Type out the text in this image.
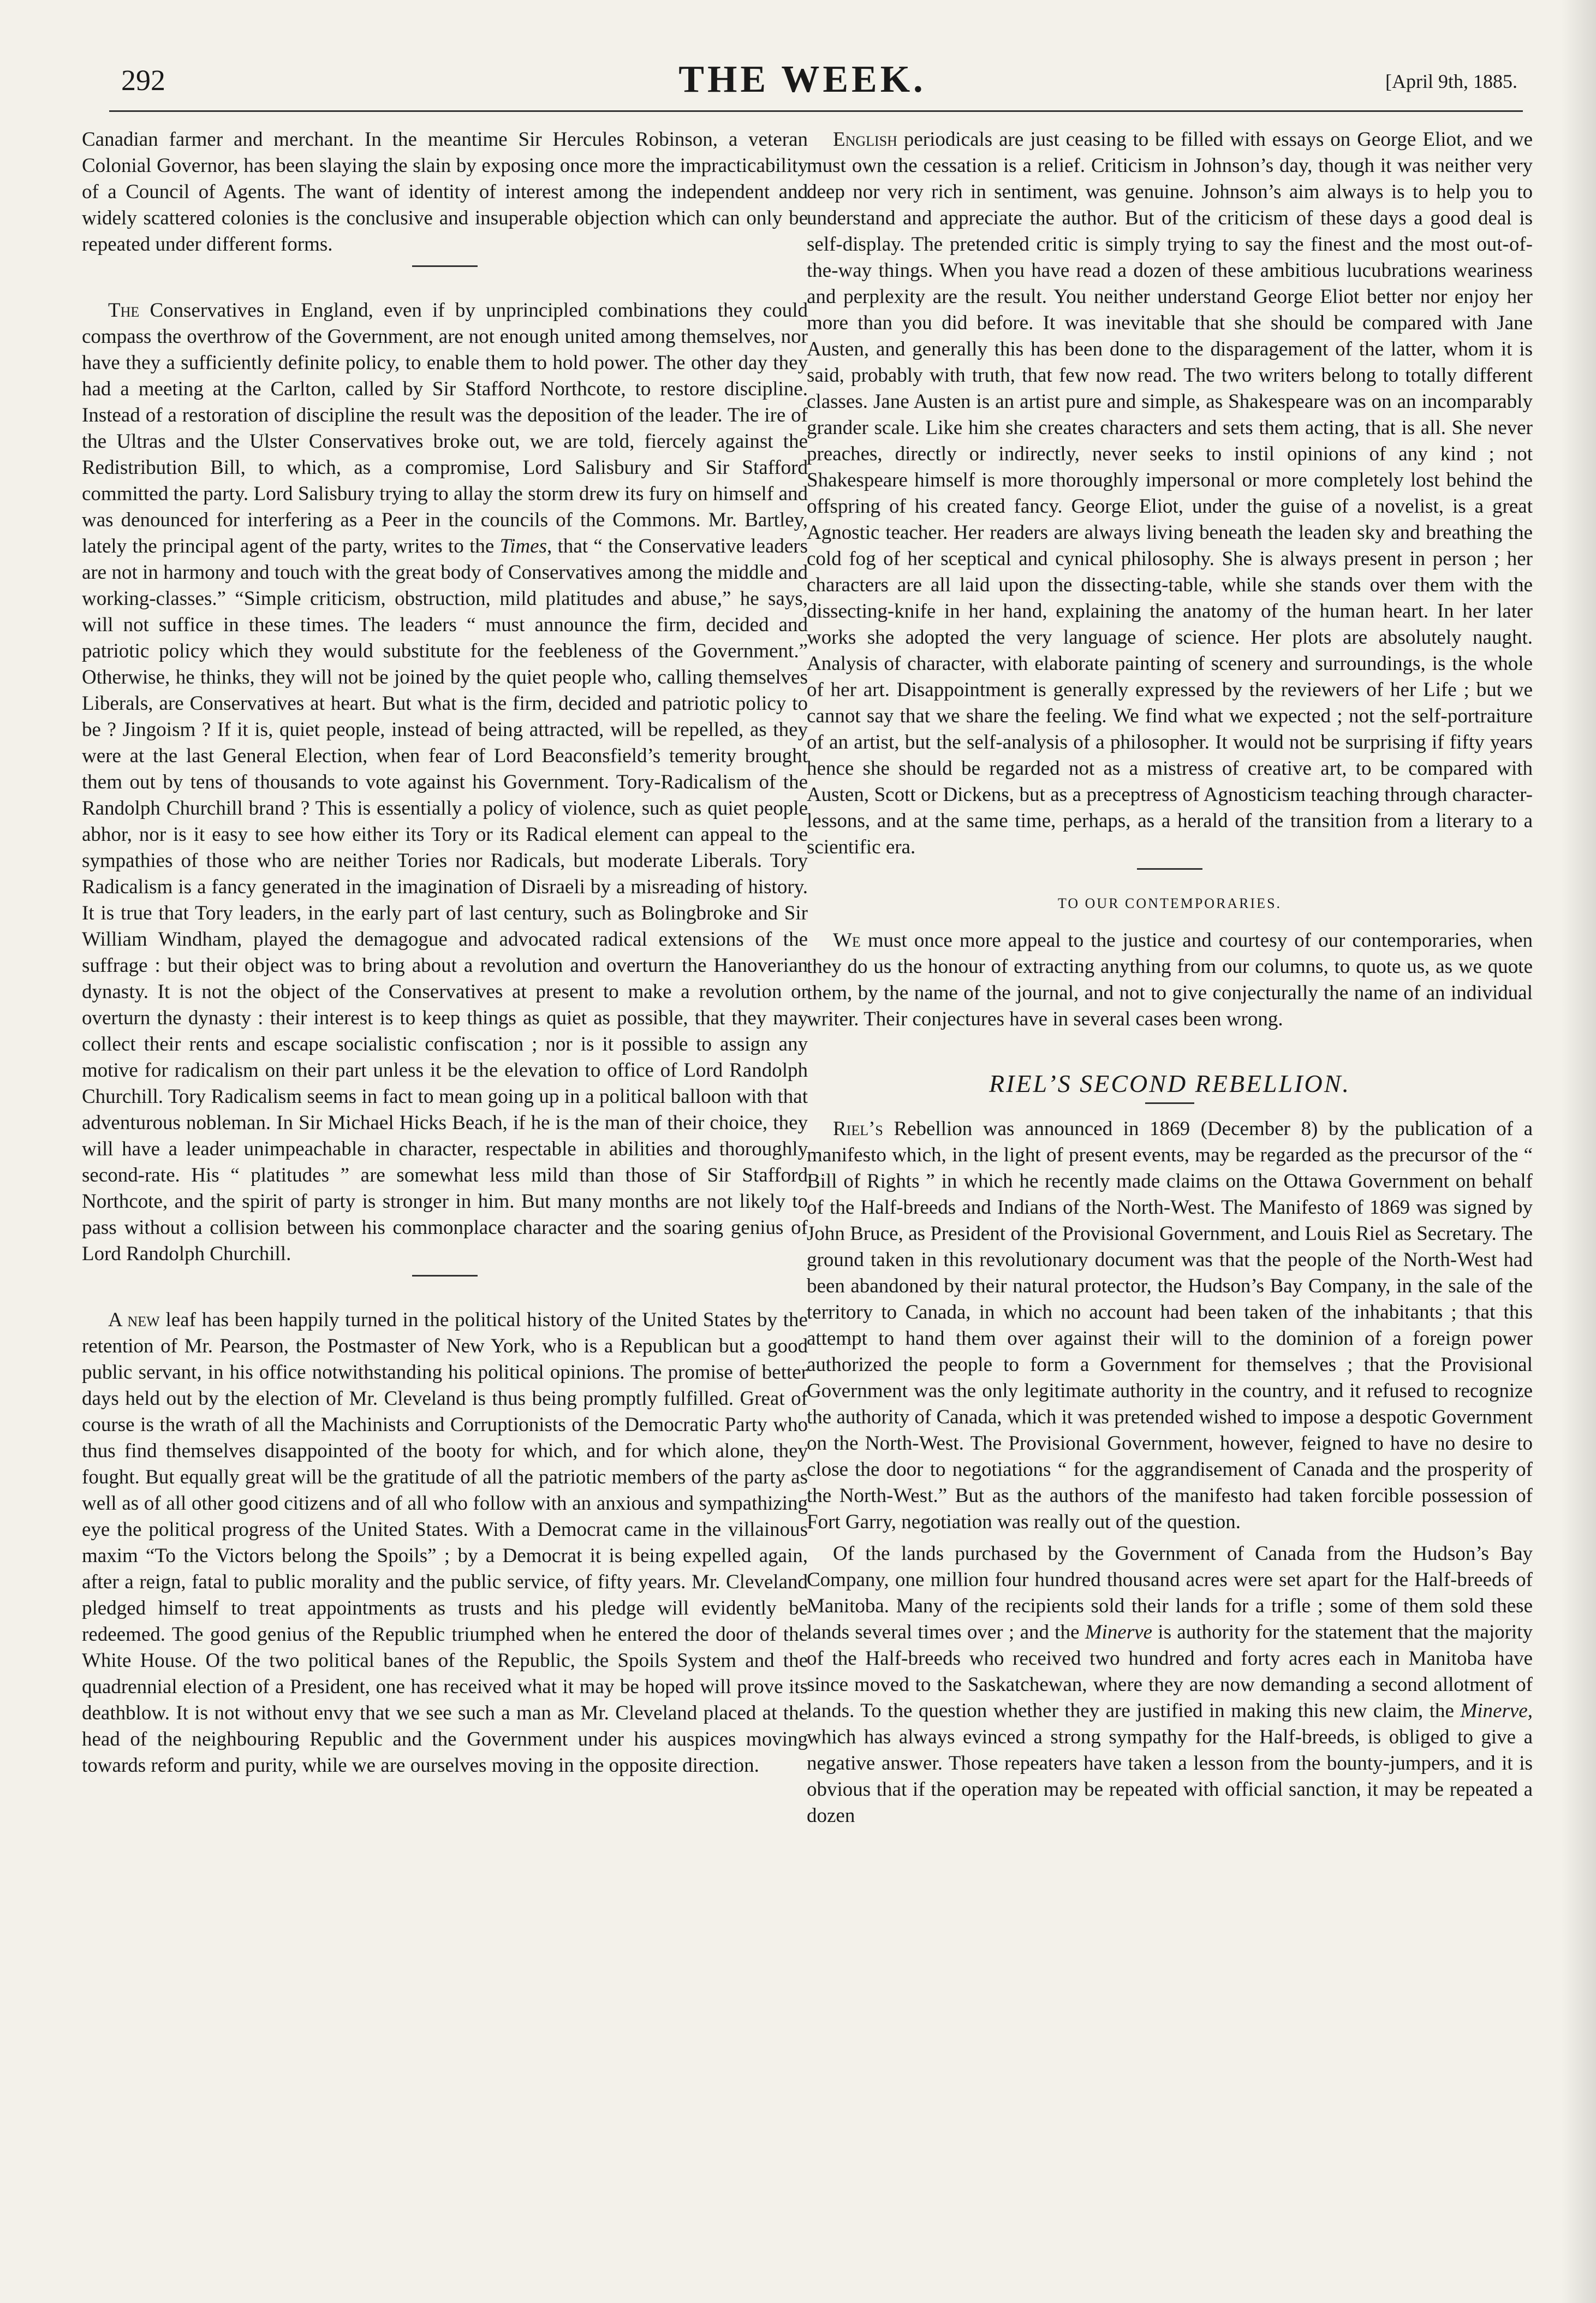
292	THE WEEK.	[April 9th, 1885.

Canadian farmer and merchant. In the meantime Sir Hercules Robinson, a veteran Colonial Governor, has been slaying the slain by exposing once more the impracticability of a Council of Agents. The want of identity of interest among the independent and widely scattered colonies is the conclusive and insuperable objection which can only be repeated under different forms.

The Conservatives in England, even if by unprincipled combinations they could compass the overthrow of the Government, are not enough united among themselves, nor have they a sufficiently definite policy, to enable them to hold power. The other day they had a meeting at the Carlton, called by Sir Stafford Northcote, to restore discipline. Instead of a restoration of discipline the result was the deposition of the leader. The ire of the Ultras and the Ulster Conservatives broke out, we are told, fiercely against the Redistribution Bill, to which, as a compromise, Lord Salisbury and Sir Stafford committed the party. Lord Salisbury trying to allay the storm drew its fury on himself and was denounced for interfering as a Peer in the councils of the Commons. Mr. Bartley, lately the principal agent of the party, writes to the Times, that “ the Conservative leaders are not in harmony and touch with the great body of Conservatives among the middle and working-classes.” “Simple criticism, obstruction, mild platitudes and abuse,” he says, will not suffice in these times. The leaders “ must announce the firm, decided and patriotic policy which they would substitute for the feebleness of the Government.” Otherwise, he thinks, they will not be joined by the quiet people who, calling themselves Liberals, are Conservatives at heart. But what is the firm, decided and patriotic policy to be ? Jingoism ? If it is, quiet people, instead of being attracted, will be repelled, as they were at the last General Election, when fear of Lord Beaconsfield’s temerity brought them out by tens of thousands to vote against his Government. Tory-Radicalism of the Randolph Churchill brand ? This is essentially a policy of violence, such as quiet people abhor, nor is it easy to see how either its Tory or its Radical element can appeal to the sympathies of those who are neither Tories nor Radicals, but moderate Liberals. Tory Radicalism is a fancy generated in the imagination of Disraeli by a misreading of history. It is true that Tory leaders, in the early part of last century, such as Bolingbroke and Sir William Windham, played the demagogue and advocated radical extensions of the suffrage : but their object was to bring about a revolution and overturn the Hanoverian dynasty. It is not the object of the Conservatives at present to make a revolution or overturn the dynasty : their interest is to keep things as quiet as possible, that they may collect their rents and escape socialistic confiscation ; nor is it possible to assign any motive for radicalism on their part unless it be the elevation to office of Lord Randolph Churchill. Tory Radicalism seems in fact to mean going up in a political balloon with that adventurous nobleman. In Sir Michael Hicks Beach, if he is the man of their choice, they will have a leader unimpeachable in character, respectable in abilities and thoroughly second-rate. His “ platitudes ” are somewhat less mild than those of Sir Stafford Northcote, and the spirit of party is stronger in him. But many months are not likely to pass without a collision between his commonplace character and the soaring genius of Lord Randolph Churchill.

A new leaf has been happily turned in the political history of the United States by the retention of Mr. Pearson, the Postmaster of New York, who is a Republican but a good public servant, in his office notwithstanding his political opinions. The promise of better days held out by the election of Mr. Cleveland is thus being promptly fulfilled. Great of course is the wrath of all the Machinists and Corruptionists of the Democratic Party who thus find themselves disappointed of the booty for which, and for which alone, they fought. But equally great will be the gratitude of all the patriotic members of the party as well as of all other good citizens and of all who follow with an anxious and sympathizing eye the political progress of the United States. With a Democrat came in the villainous maxim “To the Victors belong the Spoils” ; by a Democrat it is being expelled again, after a reign, fatal to public morality and the public service, of fifty years. Mr. Cleveland pledged himself to treat appointments as trusts and his pledge will evidently be redeemed. The good genius of the Republic triumphed when he entered the door of the White House. Of the two political banes of the Republic, the Spoils System and the quadrennial election of a President, one has received what it may be hoped will prove its deathblow. It is not without envy that we see such a man as Mr. Cleveland placed at the head of the neighbouring Republic and the Government under his auspices moving towards reform and purity, while we are ourselves moving in the opposite direction.

English periodicals are just ceasing to be filled with essays on George Eliot, and we must own the cessation is a relief. Criticism in Johnson’s day, though it was neither very deep nor very rich in sentiment, was genuine. Johnson’s aim always is to help you to understand and appreciate the author. But of the criticism of these days a good deal is self-display. The pretended critic is simply trying to say the finest and the most out-of-the-way things. When you have read a dozen of these ambitious lucubrations weariness and perplexity are the result. You neither understand George Eliot better nor enjoy her more than you did before. It was inevitable that she should be compared with Jane Austen, and generally this has been done to the disparagement of the latter, whom it is said, probably with truth, that few now read. The two writers belong to totally different classes. Jane Austen is an artist pure and simple, as Shakespeare was on an incomparably grander scale. Like him she creates characters and sets them acting, that is all. She never preaches, directly or indirectly, never seeks to instil opinions of any kind ; not Shakespeare himself is more thoroughly impersonal or more completely lost behind the offspring of his created fancy. George Eliot, under the guise of a novelist, is a great Agnostic teacher. Her readers are always living beneath the leaden sky and breathing the cold fog of her sceptical and cynical philosophy. She is always present in person ; her characters are all laid upon the dissecting-table, while she stands over them with the dissecting-knife in her hand, explaining the anatomy of the human heart. In her later works she adopted the very language of science. Her plots are absolutely naught. Analysis of character, with elaborate painting of scenery and surroundings, is the whole of her art. Disappointment is generally expressed by the reviewers of her Life ; but we cannot say that we share the feeling. We find what we expected ; not the self-portraiture of an artist, but the self-analysis of a philosopher. It would not be surprising if fifty years hence she should be regarded not as a mistress of creative art, to be compared with Austen, Scott or Dickens, but as a preceptress of Agnosticism teaching through character-lessons, and at the same time, perhaps, as a herald of the transition from a literary to a scientific era.

TO OUR CONTEMPORARIES.

We must once more appeal to the justice and courtesy of our contemporaries, when they do us the honour of extracting anything from our columns, to quote us, as we quote them, by the name of the journal, and not to give conjecturally the name of an individual writer. Their conjectures have in several cases been wrong.

RIEL’S SECOND REBELLION.

Riel’s Rebellion was announced in 1869 (December 8) by the publication of a manifesto which, in the light of present events, may be regarded as the precursor of the “ Bill of Rights ” in which he recently made claims on the Ottawa Government on behalf of the Half-breeds and Indians of the North-West. The Manifesto of 1869 was signed by John Bruce, as President of the Provisional Government, and Louis Riel as Secretary. The ground taken in this revolutionary document was that the people of the North-West had been abandoned by their natural protector, the Hudson’s Bay Company, in the sale of the territory to Canada, in which no account had been taken of the inhabitants ; that this attempt to hand them over against their will to the dominion of a foreign power authorized the people to form a Government for themselves ; that the Provisional Government was the only legitimate authority in the country, and it refused to recognize the authority of Canada, which it was pretended wished to impose a despotic Government on the North-West. The Provisional Government, however, feigned to have no desire to close the door to negotiations “ for the aggrandisement of Canada and the prosperity of the North-West.” But as the authors of the manifesto had taken forcible possession of Fort Garry, negotiation was really out of the question.

Of the lands purchased by the Government of Canada from the Hudson’s Bay Company, one million four hundred thousand acres were set apart for the Half-breeds of Manitoba. Many of the recipients sold their lands for a trifle ; some of them sold these lands several times over ; and the Minerve is authority for the statement that the majority of the Half-breeds who received two hundred and forty acres each in Manitoba have since moved to the Saskatchewan, where they are now demanding a second allotment of lands. To the question whether they are justified in making this new claim, the Minerve, which has always evinced a strong sympathy for the Half-breeds, is obliged to give a negative answer. Those repeaters have taken a lesson from the bounty-jumpers, and it is obvious that if the operation may be repeated with official sanction, it may be repeated a dozen
